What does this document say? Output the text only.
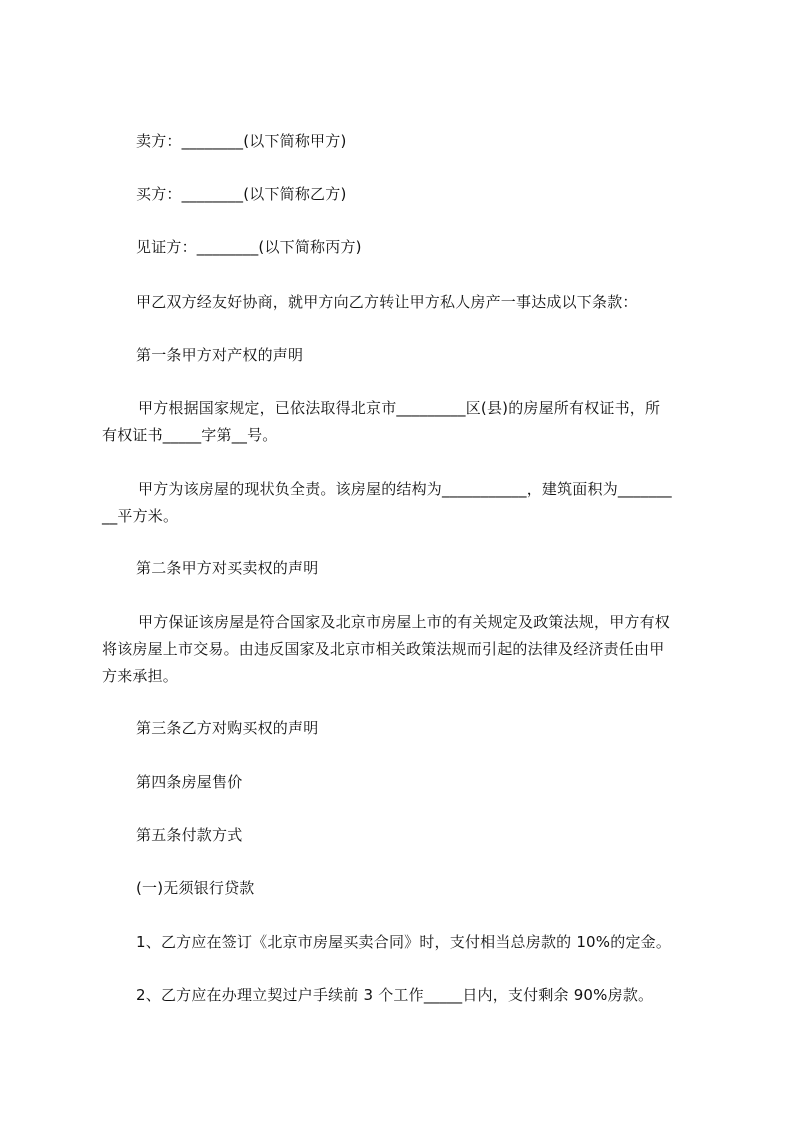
卖方：________(以下简称甲方)
买方：________(以下简称乙方)
见证方：________(以下简称丙方)
甲乙双方经友好协商，就甲方向乙方转让甲方私人房产一事达成以下条款：
第一条甲方对产权的声明
甲方根据国家规定，已依法取得北京市_________区(县)的房屋所有权证书，所
有权证书_____字第__号。
甲方为该房屋的现状负全责。该房屋的结构为___________，建筑面积为_______
__平方米。
第二条甲方对买卖权的声明
甲方保证该房屋是符合国家及北京市房屋上市的有关规定及政策法规，甲方有权
将该房屋上市交易。由违反国家及北京市相关政策法规而引起的法律及经济责任由甲
方来承担。
第三条乙方对购买权的声明
第四条房屋售价
第五条付款方式
(一)无须银行贷款
1、乙方应在签订《北京市房屋买卖合同》时，支付相当总房款的 10%的定金。
2、乙方应在办理立契过户手续前 3 个工作_____日内，支付剩余 90%房款。
